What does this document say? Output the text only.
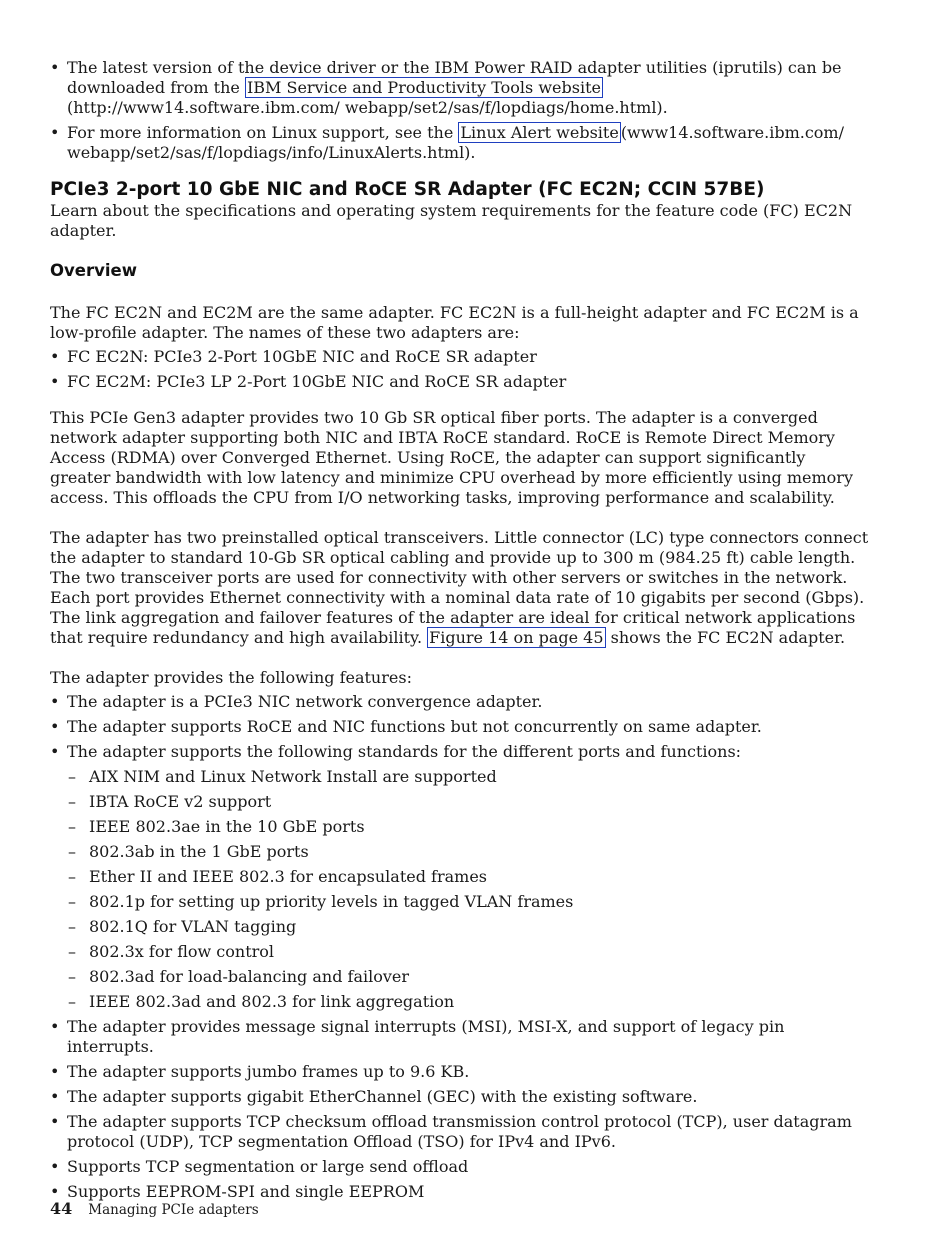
• The latest version of the device driver or the IBM Power RAID adapter utilities (iprutils) can be downloaded from the IBM Service and Productivity Tools website (http://www14.software.ibm.com/ webapp/set2/sas/f/lopdiags/home.html).
• For more information on Linux support, see the Linux Alert website (www14.software.ibm.com/ webapp/set2/sas/f/lopdiags/info/LinuxAlerts.html).
PCIe3 2-port 10 GbE NIC and RoCE SR Adapter (FC EC2N; CCIN 57BE)

Learn about the specifications and operating system requirements for the feature code (FC) EC2N adapter.

Overview

The FC EC2N and EC2M are the same adapter. FC EC2N is a full-height adapter and FC EC2M is a low-profile adapter. The names of these two adapters are:

• FC EC2N: PCIe3 2-Port 10GbE NIC and RoCE SR adapter
• FC EC2M: PCIe3 LP 2-Port 10GbE NIC and RoCE SR adapter

This PCIe Gen3 adapter provides two 10 Gb SR optical fiber ports. The adapter is a converged network adapter supporting both NIC and IBTA RoCE standard. RoCE is Remote Direct Memory Access (RDMA) over Converged Ethernet. Using RoCE, the adapter can support significantly greater bandwidth with low latency and minimize CPU overhead by more efficiently using memory access. This offloads the CPU from I/O networking tasks, improving performance and scalability.

The adapter has two preinstalled optical transceivers. Little connector (LC) type connectors connect the adapter to standard 10-Gb SR optical cabling and provide up to 300 m (984.25 ft) cable length. The two transceiver ports are used for connectivity with other servers or switches in the network. Each port provides Ethernet connectivity with a nominal data rate of 10 gigabits per second (Gbps). The link aggregation and failover features of the adapter are ideal for critical network applications that require redundancy and high availability. Figure 14 on page 45 shows the FC EC2N adapter.

The adapter provides the following features:

• The adapter is a PCIe3 NIC network convergence adapter.
• The adapter supports RoCE and NIC functions but not concurrently on same adapter.
• The adapter supports the following standards for the different ports and functions:
– AIX NIM and Linux Network Install are supported
– IBTA RoCE v2 support
– IEEE 802.3ae in the 10 GbE ports
– 802.3ab in the 1 GbE ports
– Ether II and IEEE 802.3 for encapsulated frames
– 802.1p for setting up priority levels in tagged VLAN frames
– 802.1Q for VLAN tagging
– 802.3x for flow control
– 802.3ad for load-balancing and failover
– IEEE 802.3ad and 802.3 for link aggregation
• The adapter provides message signal interrupts (MSI), MSI-X, and support of legacy pin interrupts.
• The adapter supports jumbo frames up to 9.6 KB.
• The adapter supports gigabit EtherChannel (GEC) with the existing software.
• The adapter supports TCP checksum offload transmission control protocol (TCP), user datagram protocol (UDP), TCP segmentation Offload (TSO) for IPv4 and IPv6.
• Supports TCP segmentation or large send offload
• Supports EEPROM-SPI and single EEPROM
44 Managing PCIe adapters
